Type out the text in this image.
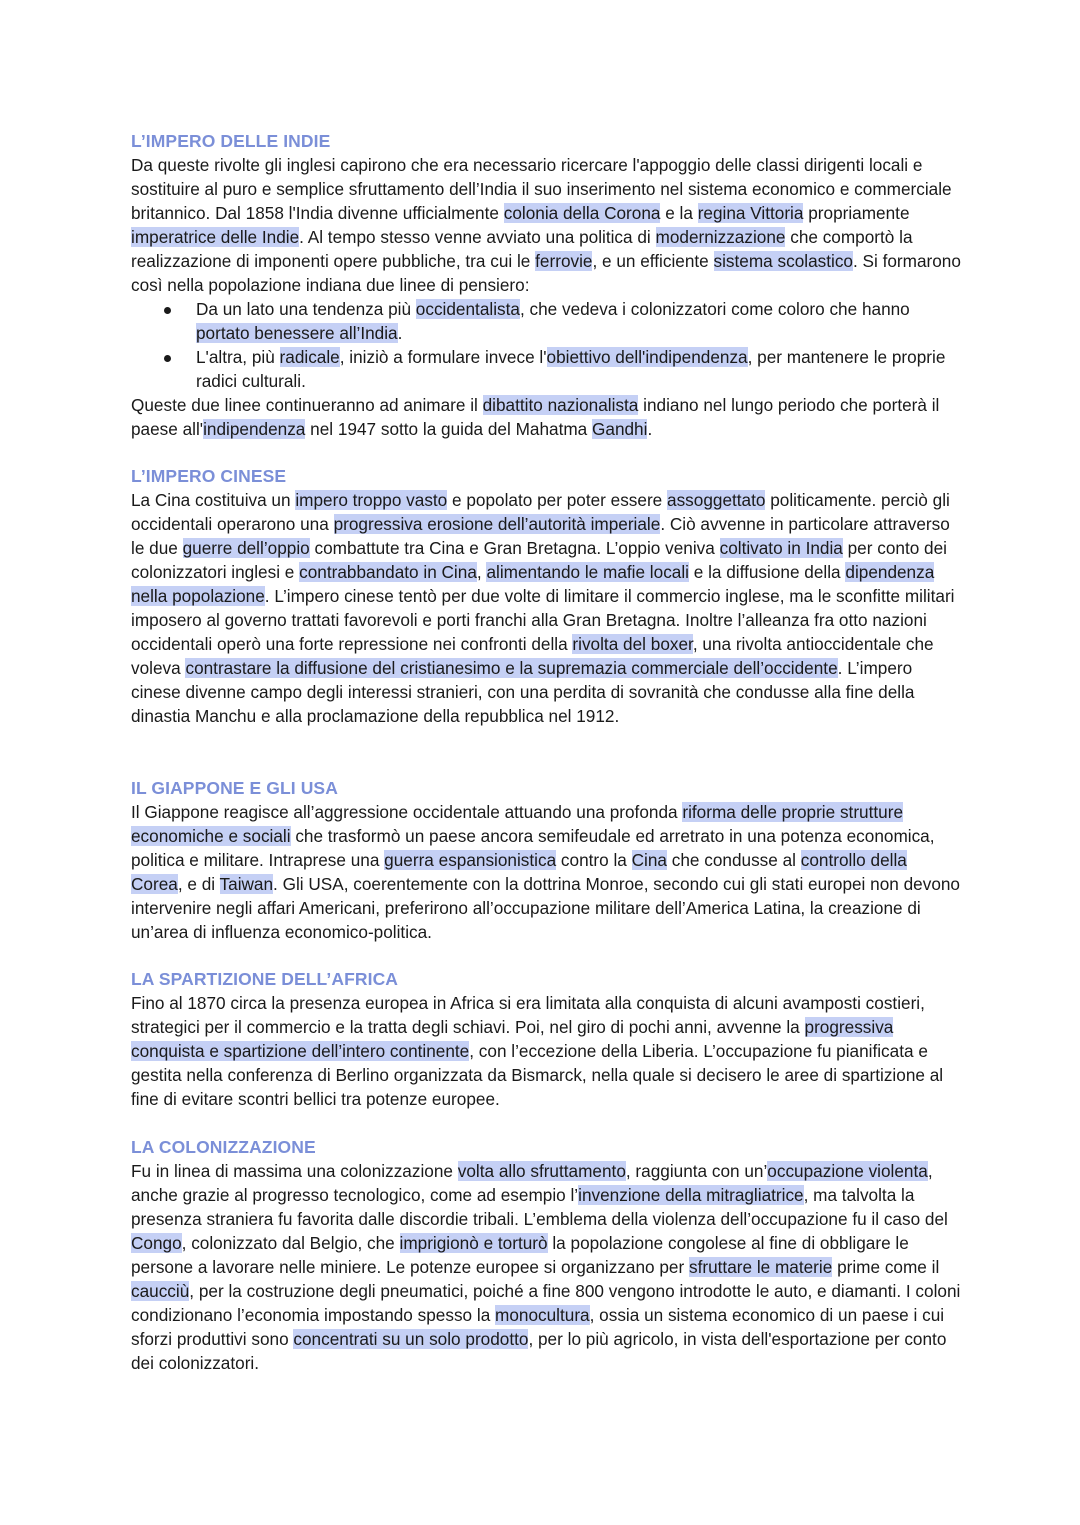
L’IMPERO DELLE INDIE

Da queste rivolte gli inglesi capirono che era necessario ricercare l'appoggio delle classi dirigenti locali e sostituire al puro e semplice sfruttamento dell’India il suo inserimento nel sistema economico e commerciale britannico. Dal 1858 l'India divenne ufficialmente colonia della Corona e la regina Vittoria propriamente imperatrice delle Indie. Al tempo stesso venne avviato una politica di modernizzazione che comportò la realizzazione di imponenti opere pubbliche, tra cui le ferrovie, e un efficiente sistema scolastico. Si formarono così nella popolazione indiana due linee di pensiero:

Da un lato una tendenza più occidentalista, che vedeva i colonizzatori come coloro che hanno portato benessere all’India.
L'altra, più radicale, iniziò a formulare invece l'obiettivo dell'indipendenza, per mantenere le proprie radici culturali.

Queste due linee continueranno ad animare il dibattito nazionalista indiano nel lungo periodo che porterà il paese all'indipendenza nel 1947 sotto la guida del Mahatma Gandhi.

L’IMPERO CINESE

La Cina costituiva un impero troppo vasto e popolato per poter essere assoggettato politicamente. perciò gli occidentali operarono una progressiva erosione dell’autorità imperiale. Ciò avvenne in particolare attraverso le due guerre dell’oppio combattute tra Cina e Gran Bretagna. L’oppio veniva coltivato in India per conto dei colonizzatori inglesi e contrabbandato in Cina, alimentando le mafie locali e la diffusione della dipendenza nella popolazione. L’impero cinese tentò per due volte di limitare il commercio inglese, ma le sconfitte militari imposero al governo trattati favorevoli e porti franchi alla Gran Bretagna. Inoltre l’alleanza fra otto nazioni occidentali operò una forte repressione nei confronti della rivolta del boxer, una rivolta antioccidentale che voleva contrastare la diffusione del cristianesimo e la supremazia commerciale dell’occidente. L’impero cinese divenne campo degli interessi stranieri, con una perdita di sovranità che condusse alla fine della dinastia Manchu e alla proclamazione della repubblica nel 1912.

IL GIAPPONE E GLI USA

Il Giappone reagisce all’aggressione occidentale attuando una profonda riforma delle proprie strutture economiche e sociali che trasformò un paese ancora semifeudale ed arretrato in una potenza economica, politica e militare. Intraprese una guerra espansionistica contro la Cina che condusse al controllo della Corea, e di Taiwan. Gli USA, coerentemente con la dottrina Monroe, secondo cui gli stati europei non devono intervenire negli affari Americani, preferirono all’occupazione militare dell’America Latina, la creazione di un’area di influenza economico-politica.

LA SPARTIZIONE DELL’AFRICA

Fino al 1870 circa la presenza europea in Africa si era limitata alla conquista di alcuni avamposti costieri, strategici per il commercio e la tratta degli schiavi. Poi, nel giro di pochi anni, avvenne la progressiva conquista e spartizione dell’intero continente, con l’eccezione della Liberia. L’occupazione fu pianificata e gestita nella conferenza di Berlino organizzata da Bismarck, nella quale si decisero le aree di spartizione al fine di evitare scontri bellici tra potenze europee.

LA COLONIZZAZIONE

Fu in linea di massima una colonizzazione volta allo sfruttamento, raggiunta con un’occupazione violenta, anche grazie al progresso tecnologico, come ad esempio l’invenzione della mitragliatrice, ma talvolta la presenza straniera fu favorita dalle discordie tribali. L’emblema della violenza dell’occupazione fu il caso del Congo, colonizzato dal Belgio, che imprigionò e torturò la popolazione congolese al fine di obbligare le persone a lavorare nelle miniere. Le potenze europee si organizzano per sfruttare le materie prime come il caucciù, per la costruzione degli pneumatici, poiché a fine 800 vengono introdotte le auto, e diamanti. I coloni condizionano l’economia impostando spesso la monocultura, ossia un sistema economico di un paese i cui sforzi produttivi sono concentrati su un solo prodotto, per lo più agricolo, in vista dell'esportazione per conto dei colonizzatori.
